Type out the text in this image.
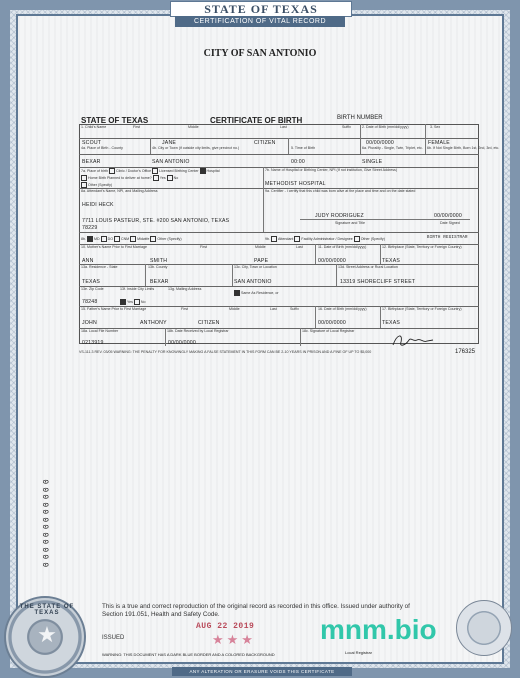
STATE OF TEXAS
CERTIFICATION OF VITAL RECORD
CITY OF SAN ANTONIO
STATE OF TEXAS	CERTIFICATE OF BIRTH	BIRTH NUMBER
1. Child's Name	First	Middle	Last	Suffix	2. Date of Birth (mm/dd/yyyy)	3. Sex
SCOUT	JANE	CITIZEN	00/00/0000	FEMALE
4a. Place of Birth - County	4b. City or Town (if outside city limits, give precinct no.)	5. Time of Birth	6a. Plurality - Single, Twin, Triplet, etc. 6b. If Not Single Birth, Born 1st, 2nd, 3rd, etc.
BEXAR	SAN ANTONIO	00:00	SINGLE
7a. Place of birth Clinic / Doctor's Office Licensed Birthing Center Hospital
Home Birth Planned to deliver at home? Yes No
Other (Specify)
7b. Name of Hospital or Birthing Center, NPI (If not institution, Give Street Address)
METHODIST HOSPITAL
8a. Attendant's Name, NPI, and Mailing Address
HEIDI HECK
7711 LOUIS PASTEUR, STE. #200 SAN ANTONIO, TEXAS
78229
9a. Certifier - I certify that this child was born alive at the place and time and on the date stated
JUDY RODRIGUEZ	00/00/0000
Signature and Title	Date Signed
8b. MD DO CNM Midwife Other (Specify)	9b. Attendant Facility Administrator / Designee Other (Specify)	BIRTH REGISTRAR
10. Mother's Name Prior to First Marriage	First	Middle	Last	11. Date of Birth (mm/dd/yyyy)	12. Birthplace (State, Territory or Foreign Country)
ANN	SMITH	PAPE	00/00/0000	TEXAS
13a. Residence - State	13b. County	13c. City, Town or Location	13d. Street Address or Rural Location
TEXAS	BEXAR	SAN ANTONIO	13319 SHORECLIFF STREET
13e. Zip Code	13f. Inside City Limits	13g. Mailing Address
Same As Residence, or
78248	Yes No
15. Father's Name Prior to First Marriage	First	Middle	Last	Suffix	16. Date of Birth (mm/dd/yyyy)	17. Birthplace (State, Territory or Foreign Country)
JOHN	ANTHONY	CITIZEN	00/00/0000	TEXAS
18a. Local File Number	18b. Date Received by Local Registrar	18c. Signature of Local Registrar
0213919	00/00/0000
VS-111.3 REV. 03/05 WARNING: THE PENALTY FOR KNOWINGLY MAKING A FALSE STATEMENT IN THIS FORM CAN BE 2-10 YEARS IN PRISON AND A FINE OF UP TO $5,000	176325
0
0
0
0
0
0
0
0
0
0
0
0
THE STATE OF TEXAS
★
This is a true and correct reproduction of the original record as recorded in this office. Issued under authority of Section 191.051, Health and Safety Code.
AUG 22 2019
★★★
ISSUED
WARNING: THIS DOCUMENT HAS A DARK BLUE BORDER AND A COLORED BACKGROUND	Local Registrar
mnm.bio
ANY ALTERATION OR ERASURE VOIDS THIS CERTIFICATE
